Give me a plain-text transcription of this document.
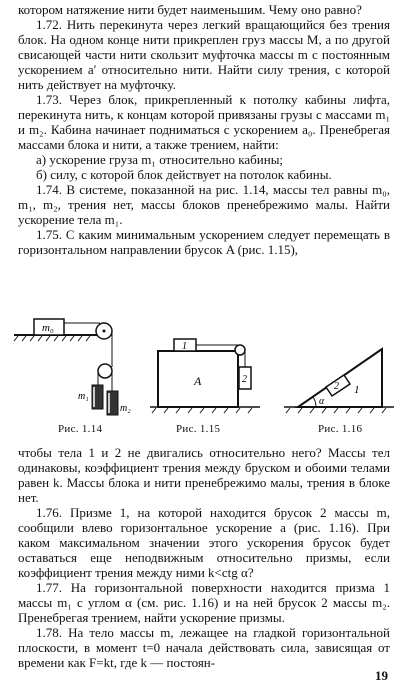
котором натяжение нити будет наименьшим. Чему оно равно?

1.72. Нить перекинута через легкий вращающийся без трения блок. На одном конце нити прикреплен груз массы M, а по другой свисающей части нити скользит муфточка массы m с постоянным ускорением a′ относительно нити. Найти силу трения, с которой нить действует на муфточку.

1.73. Через блок, прикрепленный к потолку кабины лифта, перекинута нить, к концам которой привязаны грузы с массами m₁ и m₂. Кабина начинает подниматься с ускорением a₀. Пренебрегая массами блока и нити, а также трением, найти:

а) ускорение груза m₁ относительно кабины;

б) силу, с которой блок действует на потолок кабины.

1.74. В системе, показанной на рис. 1.14, массы тел равны m₀, m₁, m₂, трения нет, массы блоков пренебрежимо малы. Найти ускорение тела m₁.

1.75. С каким минимальным ускорением следует перемещать в горизонтальном направлении брусок A (рис. 1.15),

m₀
m₁
m₂
A
1
2
1
α
2
Рис. 1.14	Рис. 1.15	Рис. 1.16

чтобы тела 1 и 2 не двигались относительно него? Массы тел одинаковы, коэффициент трения между бруском и обоими телами равен k. Массы блока и нити пренебрежимо малы, трения в блоке нет.

1.76. Призме 1, на которой находится брусок 2 массы m, сообщили влево горизонтальное ускорение a (рис. 1.16). При каком максимальном значении этого ускорения брусок будет оставаться еще неподвижным относительно призмы, если коэффициент трения между ними k<ctg α?

1.77. На горизонтальной поверхности находится призма 1 массы m₁ с углом α (см. рис. 1.16) и на ней брусок 2 массы m₂. Пренебрегая трением, найти ускорение призмы.

1.78. На тело массы m, лежащее на гладкой горизонтальной плоскости, в момент t=0 начала действовать сила, зависящая от времени как F=kt, где k — постоян-

19
